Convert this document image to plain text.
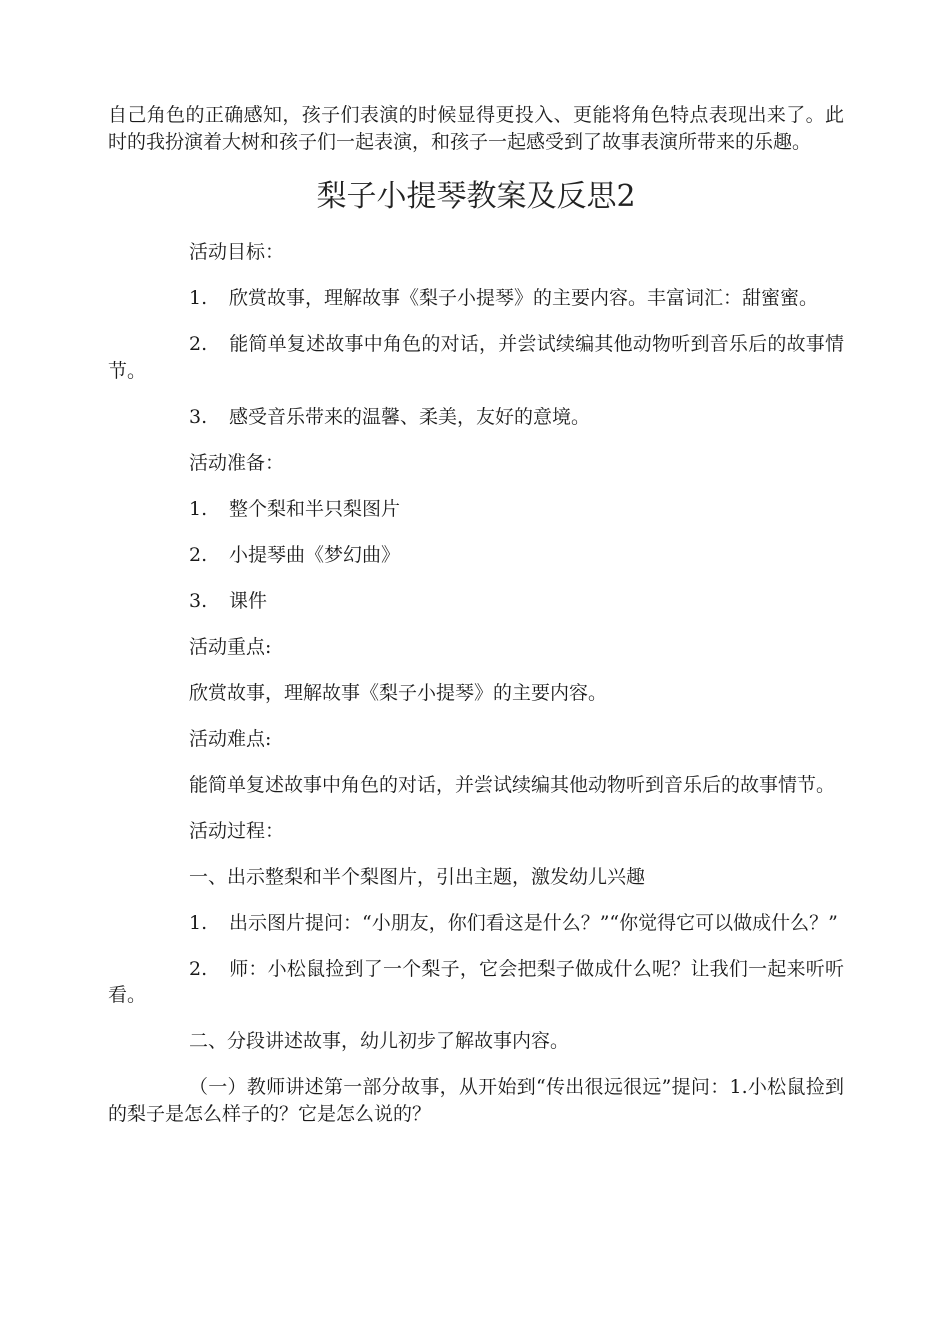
自己角色的正确感知，孩子们表演的时候显得更投入、更能将角色特点表现出来了。此时的我扮演着大树和孩子们一起表演，和孩子一起感受到了故事表演所带来的乐趣。

梨子小提琴教案及反思2

活动目标：

1. 欣赏故事，理解故事《梨子小提琴》的主要内容。丰富词汇：甜蜜蜜。

2. 能简单复述故事中角色的对话，并尝试续编其他动物听到音乐后的故事情节。

3. 感受音乐带来的温馨、柔美，友好的意境。

活动准备：

1. 整个梨和半只梨图片

2. 小提琴曲《梦幻曲》

3. 课件

活动重点:

欣赏故事，理解故事《梨子小提琴》的主要内容。

活动难点:

能简单复述故事中角色的对话，并尝试续编其他动物听到音乐后的故事情节。

活动过程：

一、出示整梨和半个梨图片，引出主题，激发幼儿兴趣

1. 出示图片提问：“小朋友，你们看这是什么？”“你觉得它可以做成什么？”

2. 师：小松鼠捡到了一个梨子，它会把梨子做成什么呢？让我们一起来听听看。

二、分段讲述故事，幼儿初步了解故事内容。

（一）教师讲述第一部分故事，从开始到“传出很远很远”提问：1.小松鼠捡到的梨子是怎么样子的？它是怎么说的？
